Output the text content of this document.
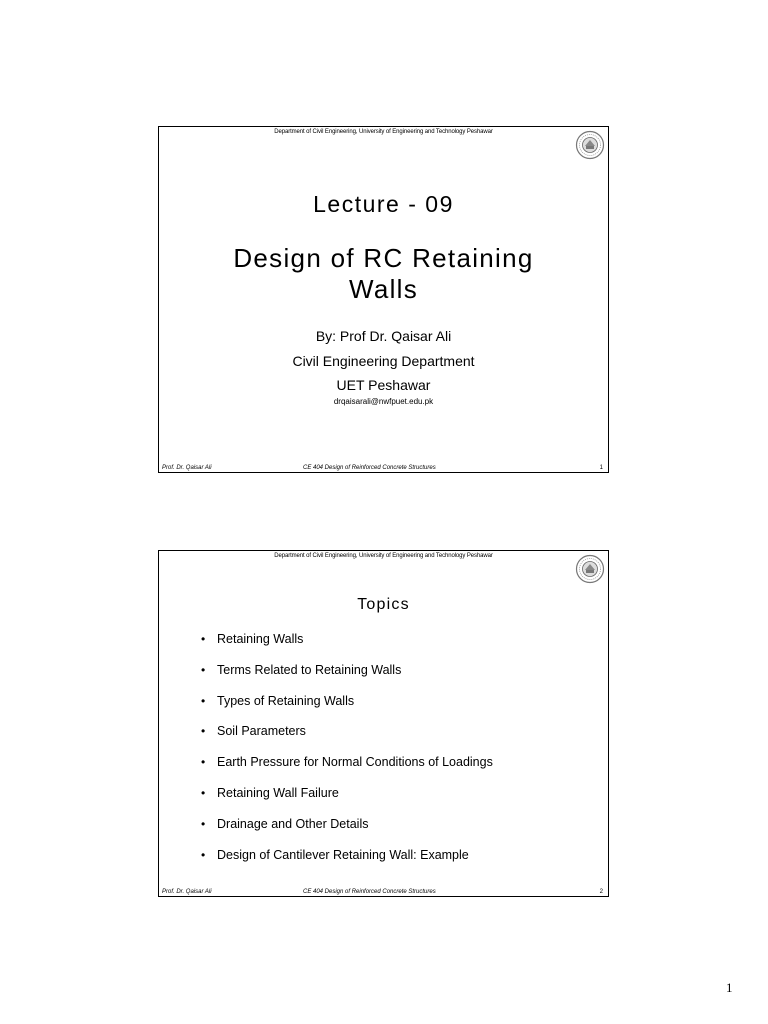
Department of Civil Engineering, University of Engineering and Technology Peshawar
Lecture - 09
Design of RC Retaining
Walls
By: Prof Dr. Qaisar Ali
Civil Engineering Department
UET Peshawar
drqaisarali@nwfpuet.edu.pk
Prof. Dr. Qaisar Ali	CE 404 Design of Reinforced Concrete Structures	1
Department of Civil Engineering, University of Engineering and Technology Peshawar
Topics
• Retaining Walls
• Terms Related to Retaining Walls
• Types of Retaining Walls
• Soil Parameters
• Earth Pressure for Normal Conditions of Loadings
• Retaining Wall Failure
• Drainage and Other Details
• Design of Cantilever Retaining Wall: Example
Prof. Dr. Qaisar Ali	CE 404 Design of Reinforced Concrete Structures	2
1
